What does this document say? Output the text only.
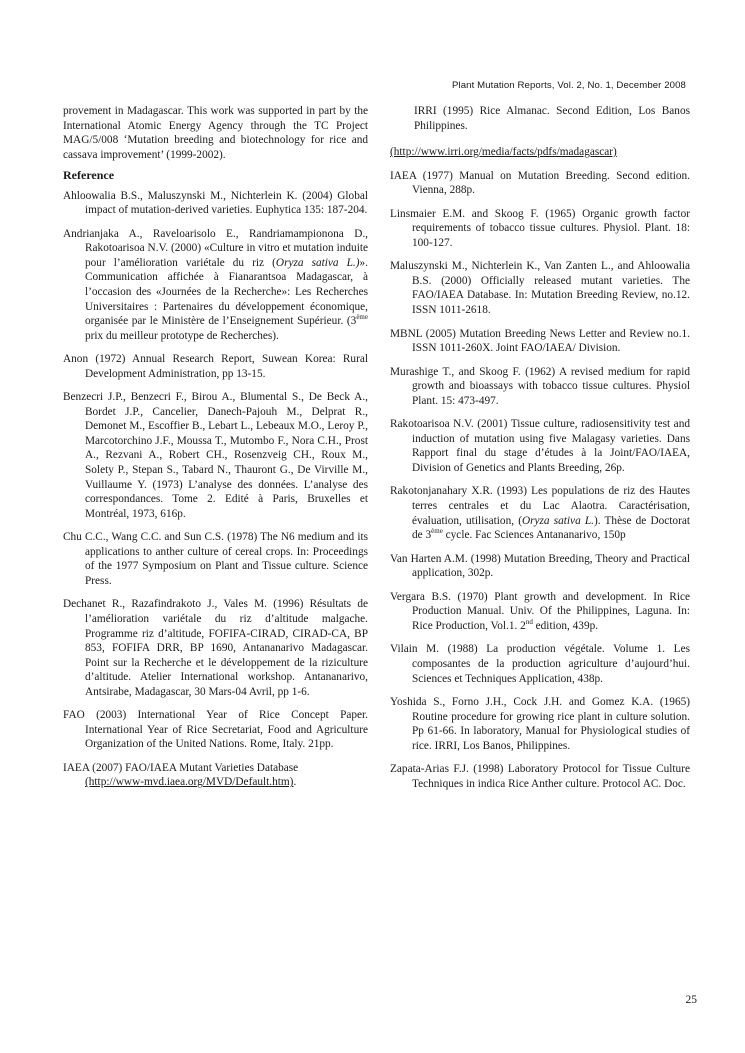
Plant Mutation Reports, Vol. 2, No. 1, December 2008

provement in Madagascar. This work was supported in part by the International Atomic Energy Agency through the TC Project MAG/5/008 ‘Mutation breeding and biotechnology for rice and cassava improvement’ (1999-2002).

Reference

Ahloowalia B.S., Maluszynski M., Nichterlein K. (2004) Global impact of mutation-derived varieties. Euphytica 135: 187-204.

Andrianjaka A., Raveloarisolo E., Randriamampionona D., Rakotoarisoa N.V. (2000) «Culture in vitro et mutation induite pour l’amélioration variétale du riz (Oryza sativa L.)». Communication affichée à Fianarantsoa Madagascar, à l’occasion des «Journées de la Recherche»: Les Recherches Universitaires : Partenaires du développement économique, organisée par le Ministère de l’Enseignement Supérieur. (3ème prix du meilleur prototype de Recherches).

Anon (1972) Annual Research Report, Suwean Korea: Rural Development Administration, pp 13-15.

Benzecri J.P., Benzecri F., Birou A., Blumental S., De Beck A., Bordet J.P., Cancelier, Danech-Pajouh M., Delprat R., Demonet M., Escoffier B., Lebart L., Lebeaux M.O., Leroy P., Marcotorchino J.F., Moussa T., Mutombo F., Nora C.H., Prost A., Rezvani A., Robert CH., Rosenzveig CH., Roux M., Solety P., Stepan S., Tabard N., Thauront G., De Virville M., Vuillaume Y. (1973) L’analyse des données. L’analyse des correspondances. Tome 2. Edité à Paris, Bruxelles et Montréal, 1973, 616p.

Chu C.C., Wang C.C. and Sun C.S. (1978) The N6 medium and its applications to anther culture of cereal crops. In: Proceedings of the 1977 Symposium on Plant and Tissue culture. Science Press.

Dechanet R., Razafindrakoto J., Vales M. (1996) Résultats de l’amélioration variétale du riz d’altitude malgache. Programme riz d’altitude, FOFIFA-CIRAD, CIRAD-CA, BP 853, FOFIFA DRR, BP 1690, Antananarivo Madagascar. Point sur la Recherche et le développement de la riziculture d’altitude. Atelier International workshop. Antananarivo, Antsirabe, Madagascar, 30 Mars-04 Avril, pp 1-6.

FAO (2003) International Year of Rice Concept Paper. International Year of Rice Secretariat, Food and Agriculture Organization of the United Nations. Rome, Italy. 21pp.

IAEA (2007) FAO/IAEA Mutant Varieties Database
(http://www-mvd.iaea.org/MVD/Default.htm).

IRRI (1995) Rice Almanac. Second Edition, Los Banos Philippines.

(http://www.irri.org/media/facts/pdfs/madagascar)

IAEA (1977) Manual on Mutation Breeding. Second edition. Vienna, 288p.

Linsmaier E.M. and Skoog F. (1965) Organic growth factor requirements of tobacco tissue cultures. Physiol. Plant. 18: 100-127.

Maluszynski M., Nichterlein K., Van Zanten L., and Ahloowalia B.S. (2000) Officially released mutant varieties. The FAO/IAEA Database. In: Mutation Breeding Review, no.12. ISSN 1011-2618.

MBNL (2005) Mutation Breeding News Letter and Review no.1. ISSN 1011-260X. Joint FAO/IAEA/ Division.

Murashige T., and Skoog F. (1962) A revised medium for rapid growth and bioassays with tobacco tissue cultures. Physiol Plant. 15: 473-497.

Rakotoarisoa N.V. (2001) Tissue culture, radiosensitivity test and induction of mutation using five Malagasy varieties. Dans Rapport final du stage d’études à la Joint/FAO/IAEA, Division of Genetics and Plants Breeding, 26p.

Rakotonjanahary X.R. (1993) Les populations de riz des Hautes terres centrales et du Lac Alaotra. Caractérisation, évaluation, utilisation, (Oryza sativa L.). Thèse de Doctorat de 3ème cycle. Fac Sciences Antananarivo, 150p

Van Harten A.M. (1998) Mutation Breeding, Theory and Practical application, 302p.

Vergara B.S. (1970) Plant growth and development. In Rice Production Manual. Univ. Of the Philippines, Laguna. In: Rice Production, Vol.1. 2nd edition, 439p.

Vilain M. (1988) La production végétale. Volume 1. Les composantes de la production agriculture d’aujourd’hui. Sciences et Techniques Application, 438p.

Yoshida S., Forno J.H., Cock J.H. and Gomez K.A. (1965) Routine procedure for growing rice plant in culture solution. Pp 61-66. In laboratory, Manual for Physiological studies of rice. IRRI, Los Banos, Philippines.

Zapata-Arias F.J. (1998) Laboratory Protocol for Tissue Culture Techniques in indica Rice Anther culture. Protocol AC. Doc.

25
